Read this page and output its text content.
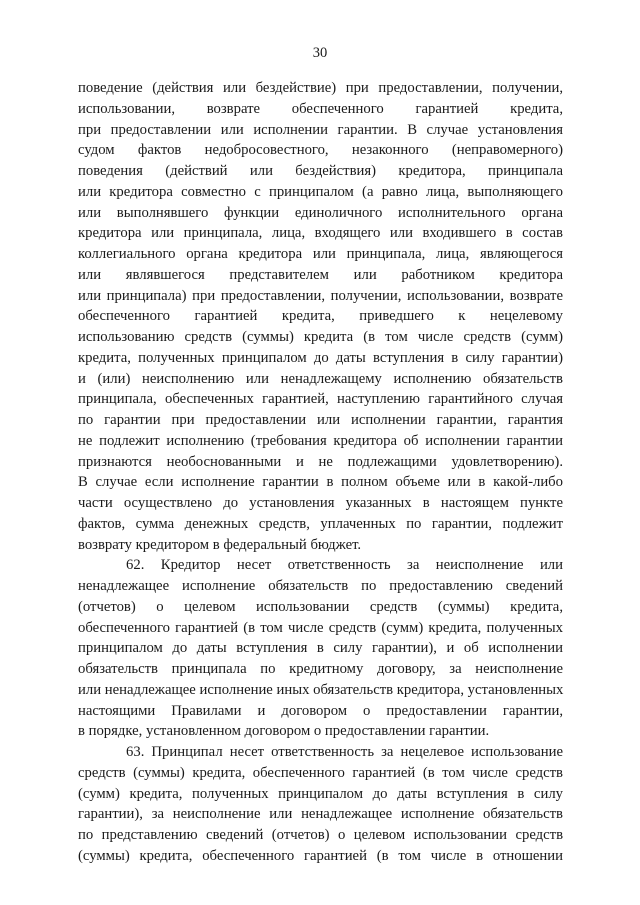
30
поведение (действия или бездействие) при предоставлении, получении,
использовании, возврате обеспеченного гарантией кредита,
при предоставлении или исполнении гарантии. В случае установления
судом фактов недобросовестного, незаконного (неправомерного)
поведения (действий или бездействия) кредитора, принципала
или кредитора совместно с принципалом (а равно лица, выполняющего
или выполнявшего функции единоличного исполнительного органа
кредитора или принципала, лица, входящего или входившего в состав
коллегиального органа кредитора или принципала, лица, являющегося
или являвшегося представителем или работником кредитора
или принципала) при предоставлении, получении, использовании, возврате
обеспеченного гарантией кредита, приведшего к нецелевому
использованию средств (суммы) кредита (в том числе средств (сумм)
кредита, полученных принципалом до даты вступления в силу гарантии)
и (или) неисполнению или ненадлежащему исполнению обязательств
принципала, обеспеченных гарантией, наступлению гарантийного случая
по гарантии при предоставлении или исполнении гарантии, гарантия
не подлежит исполнению (требования кредитора об исполнении гарантии
признаются необоснованными и не подлежащими удовлетворению).
В случае если исполнение гарантии в полном объеме или в какой-либо
части осуществлено до установления указанных в настоящем пункте
фактов, сумма денежных средств, уплаченных по гарантии, подлежит
возврату кредитором в федеральный бюджет.
62. Кредитор несет ответственность за неисполнение или
ненадлежащее исполнение обязательств по предоставлению сведений
(отчетов) о целевом использовании средств (суммы) кредита,
обеспеченного гарантией (в том числе средств (сумм) кредита, полученных
принципалом до даты вступления в силу гарантии), и об исполнении
обязательств принципала по кредитному договору, за неисполнение
или ненадлежащее исполнение иных обязательств кредитора, установленных
настоящими Правилами и договором о предоставлении гарантии,
в порядке, установленном договором о предоставлении гарантии.
63. Принципал несет ответственность за нецелевое использование
средств (суммы) кредита, обеспеченного гарантией (в том числе средств
(сумм) кредита, полученных принципалом до даты вступления в силу
гарантии), за неисполнение или ненадлежащее исполнение обязательств
по представлению сведений (отчетов) о целевом использовании средств
(суммы) кредита, обеспеченного гарантией (в том числе в отношении
